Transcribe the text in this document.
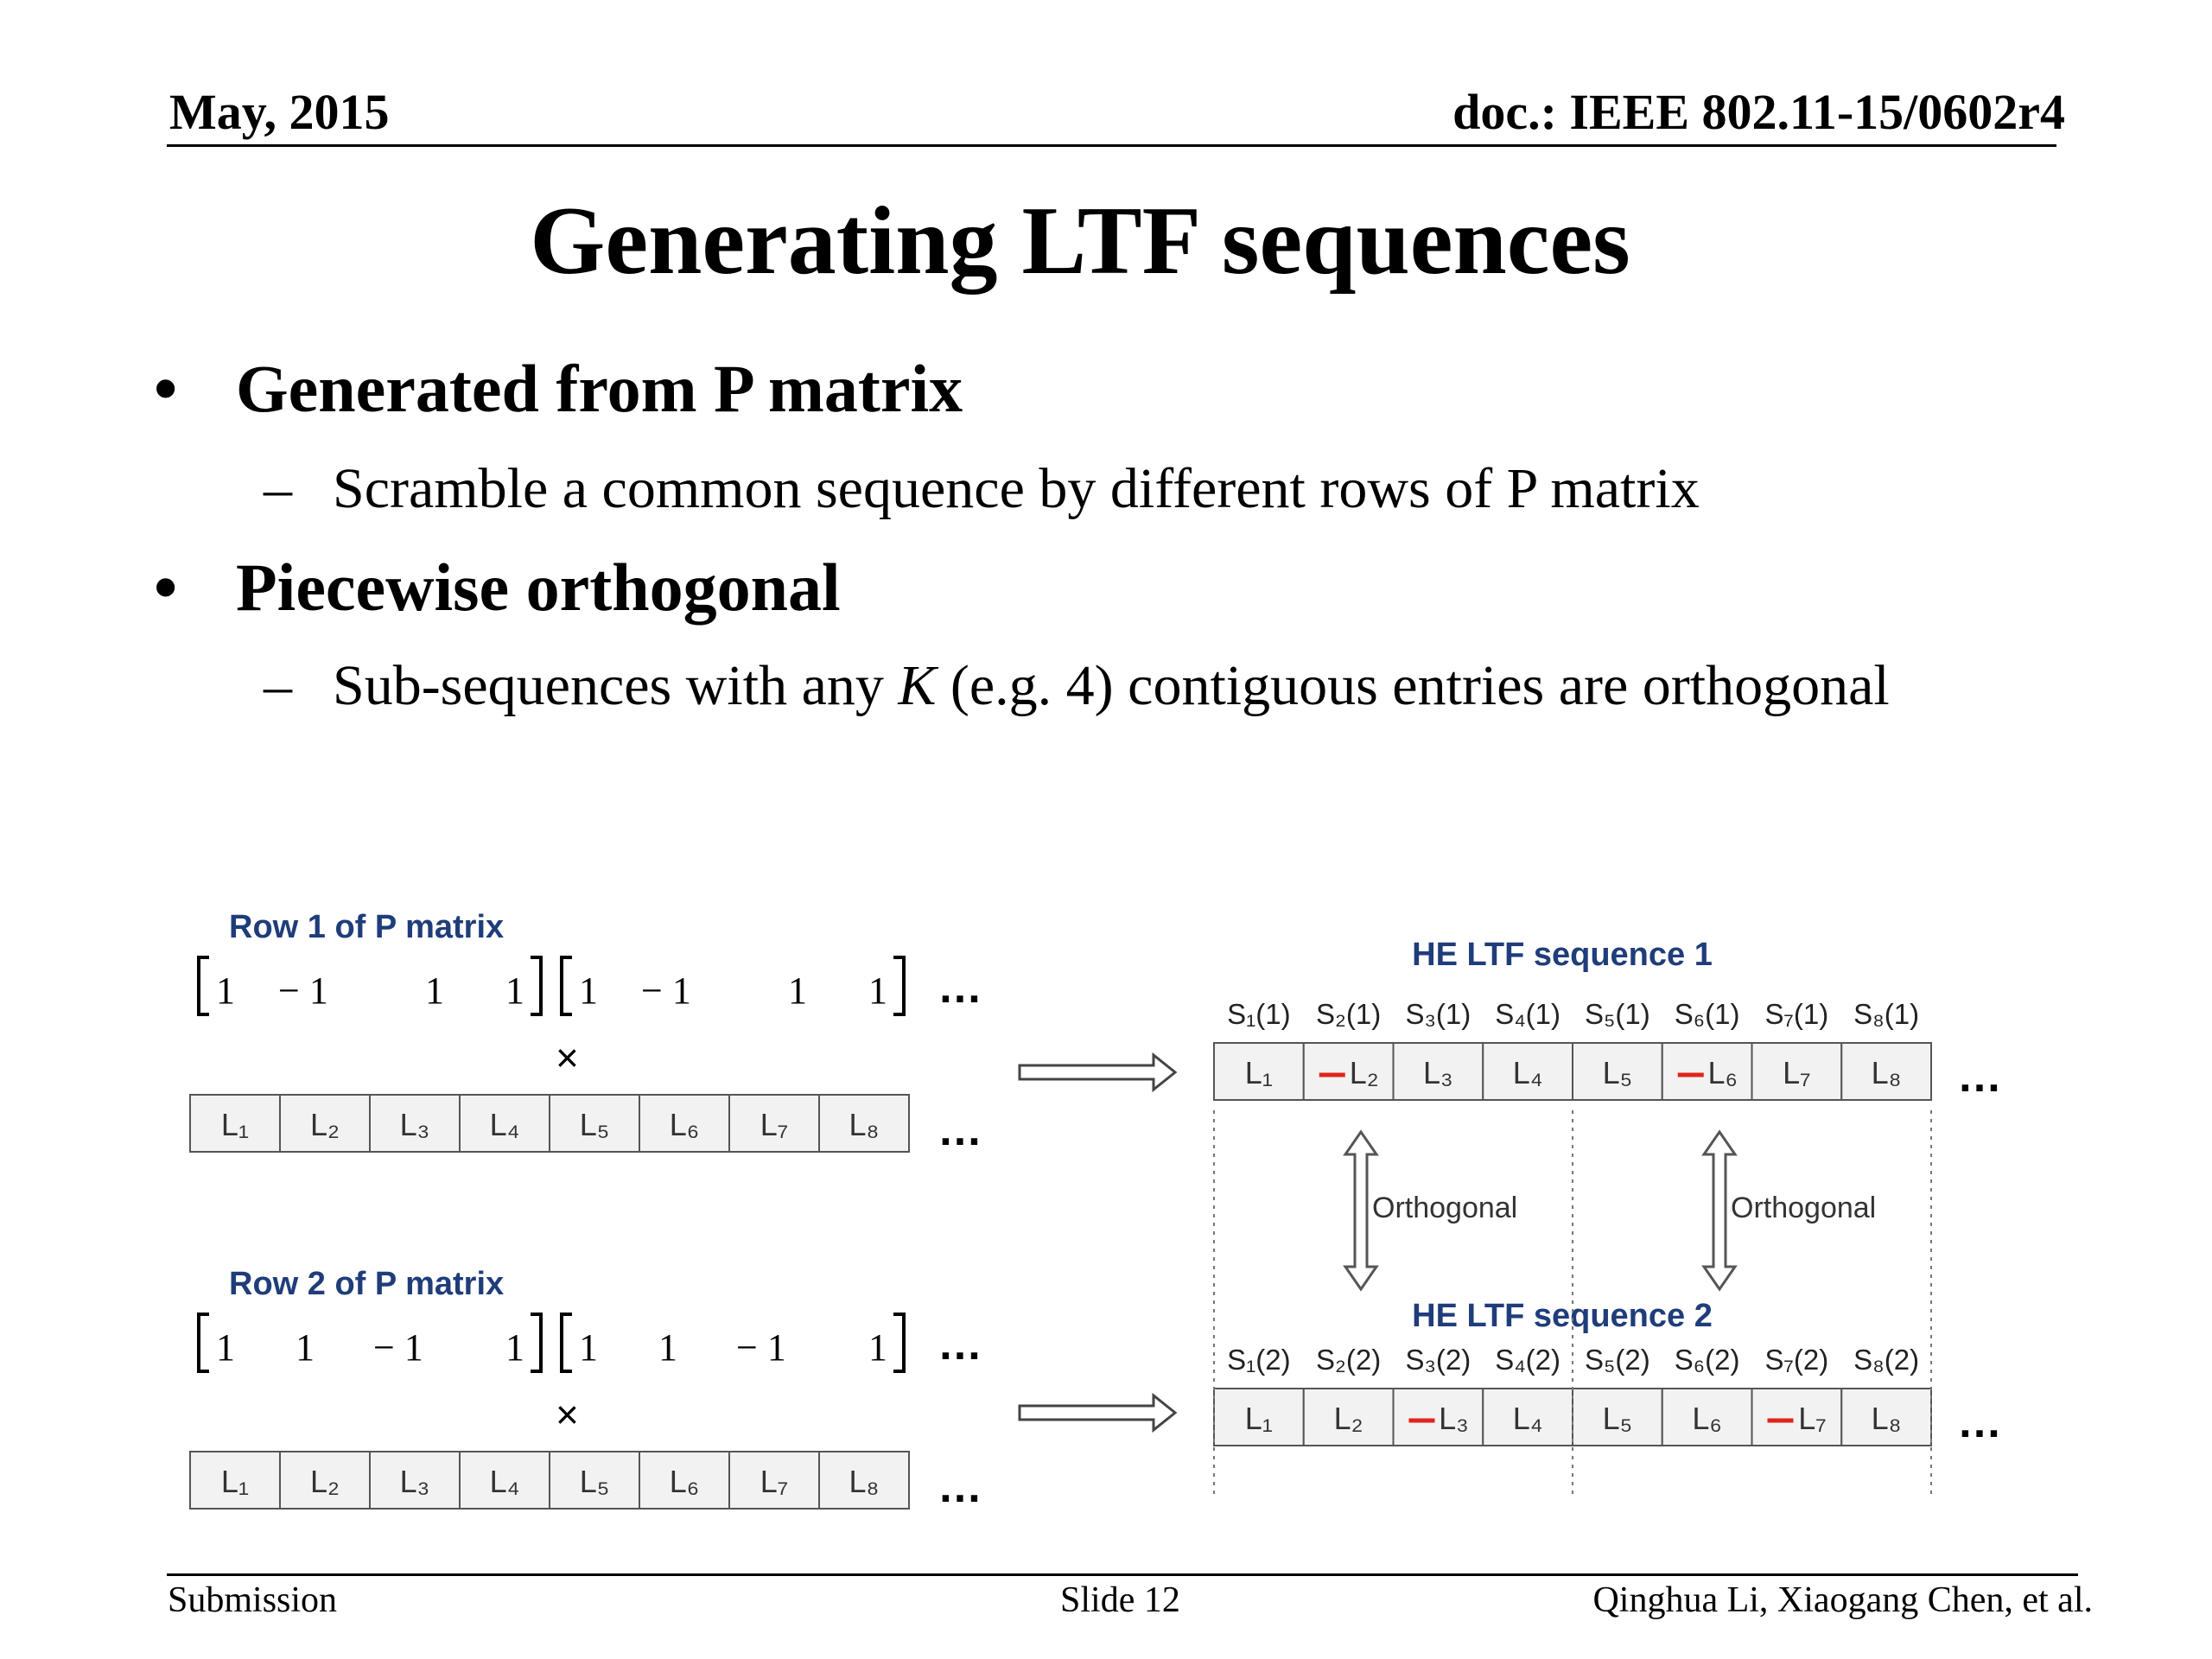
May, 2015	doc.: IEEE 802.11-15/0602r4
Generating LTF sequences
• Generated from P matrix
– Scramble a common sequence by different rows of P matrix
• Piecewise orthogonal
– Sub-sequences with any K (e.g. 4) contiguous entries are orthogonal
Row 1 of P matrix
1 − 1	1 1 1 − 1	1 1 …
×
L₁ L₂ L₃ L₄ L₅ L₆ L₇ L₈ …
Row 2 of P matrix
1 1 − 1 1 1 1 − 1 1 …
×
L₁ L₂ L₃ L₄ L₅ L₆ L₇ L₈ …
HE LTF sequence 1
S₁(1) S₂(1) S₃(1) S₄(1) S₅(1) S₆(1) S₇(1) S₈(1)
L₁ L₂ L₃ L₄ L₅ L₆ L₇ L₈ …
HE LTF sequence 2
S₁(2) S₂(2) S₃(2) S₄(2) S₅(2) S₆(2) S₇(2) S₈(2)
L₁ L₂ L₃ L₄ L₅ L₆ L₇ L₈ …
Orthogonal	Orthogonal
Submission	Slide 12	Qinghua Li, Xiaogang Chen, et al.
